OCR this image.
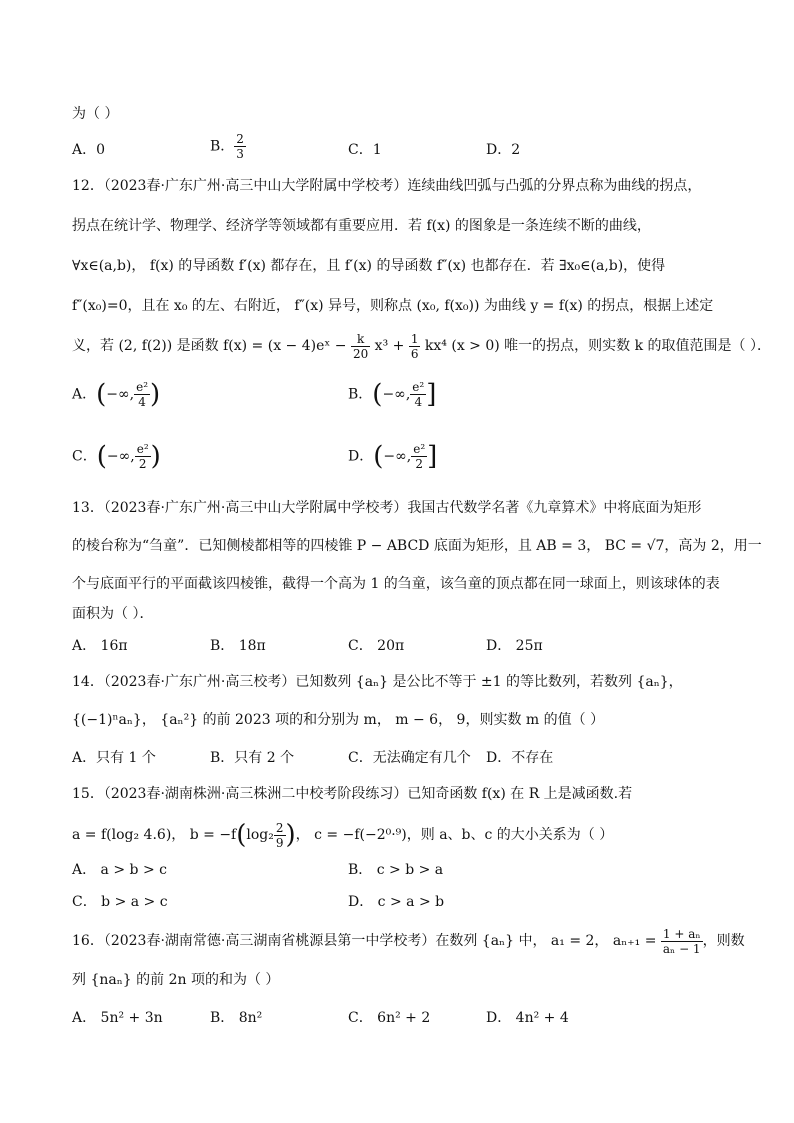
为（ ）
A．0	B． $\frac{2}{3}$	C．1	D．2
12．（2023春·广东广州·高三中山大学附属中学校考）连续曲线凹弧与凸弧的分界点称为曲线的拐点，
拐点在统计学、物理学、经济学等领域都有重要应用．若 f(x) 的图象是一条连续不断的曲线，
∀x∈(a,b)， f(x) 的导函数 f′(x) 都存在，且 f′(x) 的导函数 f″(x) 也都存在．若 ∃x₀∈(a,b)，使得
f″(x₀)=0，且在 x₀ 的左、右附近， f″(x) 异号，则称点 (x₀, f(x₀)) 为曲线 y = f(x) 的拐点，根据上述定
义，若 (2, f(2)) 是函数 f(x) = (x − 4)eˣ − $\frac{k}{20} x^3 + \frac{1}{6} kx^4$ (x > 0) 唯一的拐点，则实数 k 的取值范围是（ ）．
A．(−∞, $\frac{\text{e²}}{4}$ )	B．(−∞, $\frac{\text{e²}}{4}$ ]
C．(−∞, $\frac{\text{e²}}{2}$ )	D．(−∞, $\frac{\text{e²}}{2}$ ]
13．（2023春·广东广州·高三中山大学附属中学校考）我国古代数学名著《九章算术》中将底面为矩形
的棱台称为“刍童”．已知侧棱都相等的四棱锥 P − ABCD 底面为矩形，且 AB = 3， BC = √7，高为 2，用一
个与底面平行的平面截该四棱锥，截得一个高为 1 的刍童，该刍童的顶点都在同一球面上，则该球体的表
面积为（ ）．
A． 16π	B． 18π	C． 20π	D． 25π
14．（2023春·广东广州·高三校考）已知数列 {aₙ} 是公比不等于 ±1 的等比数列，若数列 {aₙ}，
{(−1)ⁿaₙ}， {aₙ²} 的前 2023 项的和分别为 m， m − 6， 9，则实数 m 的值（ ）
A．只有 1 个	B．只有 2 个	C．无法确定有几个 D．不存在
15．（2023春·湖南株洲·高三株洲二中校考阶段练习）已知奇函数 f(x) 在 R 上是减函数.若
a = f(log₂ 4.6)， $b = -f(\log_2 \frac{2}{9}$ )， c = −f(−2⁰·⁹)，则 a、b、c 的大小关系为（ ）
A． a > b > c	B． c > b > a
C． b > a > c	D． c > a > b
16．（2023春·湖南常德·高三湖南省桃源县第一中学校考）在数列 {aₙ} 中， a₁ = 2， $a_{n+1} = \frac{\text{1 + aₙ}}{\text{aₙ − 1}}$ ，则数
列 {naₙ} 的前 2n 项的和为（ ）
A． 5n² + 3n	B． 8n²	C． 6n² + 2	D． 4n² + 4
